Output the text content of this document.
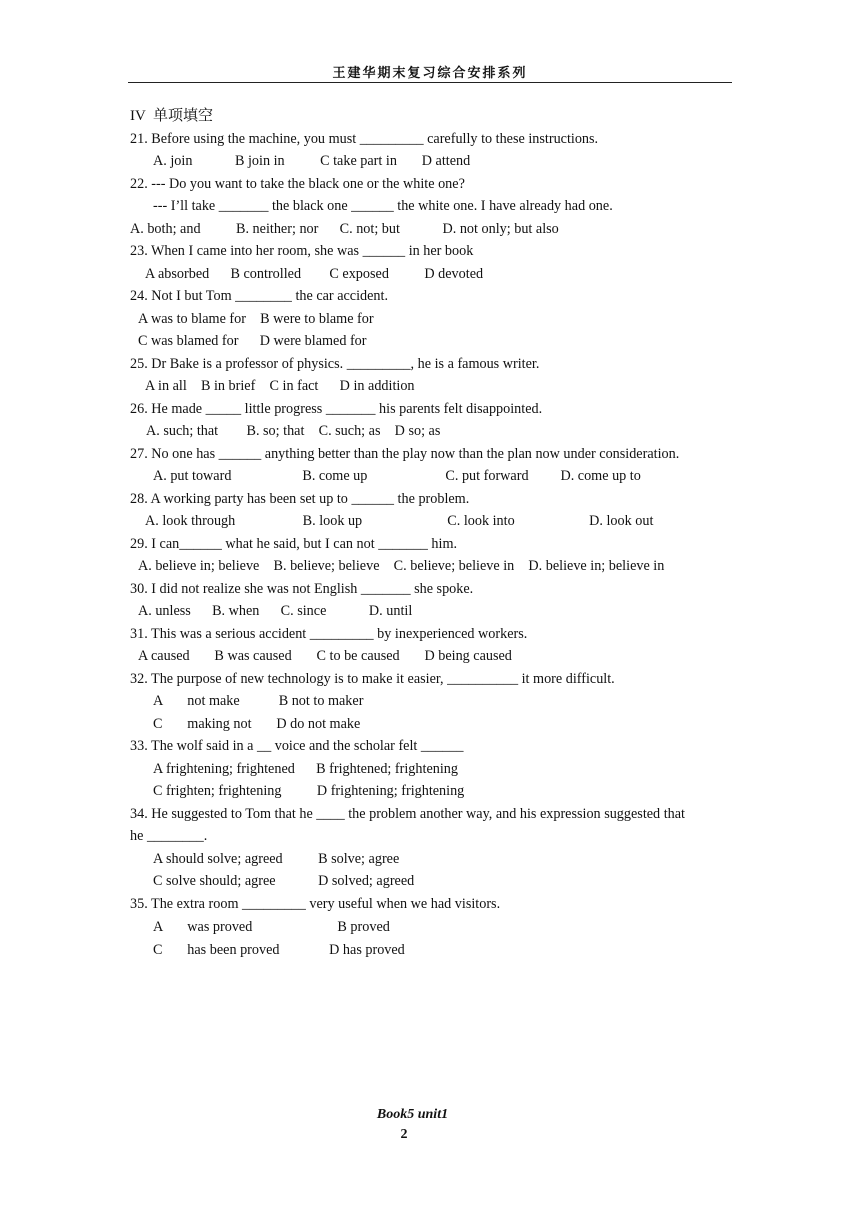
王建华期末复习综合安排系列
IV  单项填空
21. Before using the machine, you must _________ carefully to these instructions.
A. join            B join in          C take part in       D attend
22. --- Do you want to take the black one or the white one?
--- I’ll take _______ the black one ______ the white one. I have already had one.
A. both; and          B. neither; nor      C. not; but            D. not only; but also
23. When I came into her room, she was ______ in her book
A absorbed      B controlled        C exposed          D devoted
24. Not I but Tom ________ the car accident.
A was to blame for    B were to blame for
C was blamed for      D were blamed for
25. Dr Bake is a professor of physics. _________, he is a famous writer.
A in all    B in brief    C in fact      D in addition
26. He made _____ little progress _______ his parents felt disappointed.
A. such; that        B. so; that    C. such; as    D so; as
27. No one has ______ anything better than the play now than the plan now under consideration.
A. put toward                    B. come up                      C. put forward         D. come up to
28. A working party has been set up to ______ the problem.
A. look through                   B. look up                        C. look into                     D. look out
29. I can______ what he said, but I can not _______ him.
A. believe in; believe    B. believe; believe    C. believe; believe in    D. believe in; believe in
30. I did not realize she was not English _______ she spoke.
A. unless      B. when      C. since            D. until
31. This was a serious accident _________ by inexperienced workers.
A caused       B was caused       C to be caused       D being caused
32. The purpose of new technology is to make it easier, __________ it more difficult.
A       not make           B not to maker
C       making not       D do not make
33. The wolf said in a __ voice and the scholar felt ______
A frightening; frightened      B frightened; frightening
C frighten; frightening          D frightening; frightening
34. He suggested to Tom that he ____ the problem another way, and his expression suggested that
he ________.
A should solve; agreed          B solve; agree
C solve should; agree            D solved; agreed
35. The extra room _________ very useful when we had visitors.
A       was proved                        B proved
C       has been proved              D has proved
Book5 unit1
2
